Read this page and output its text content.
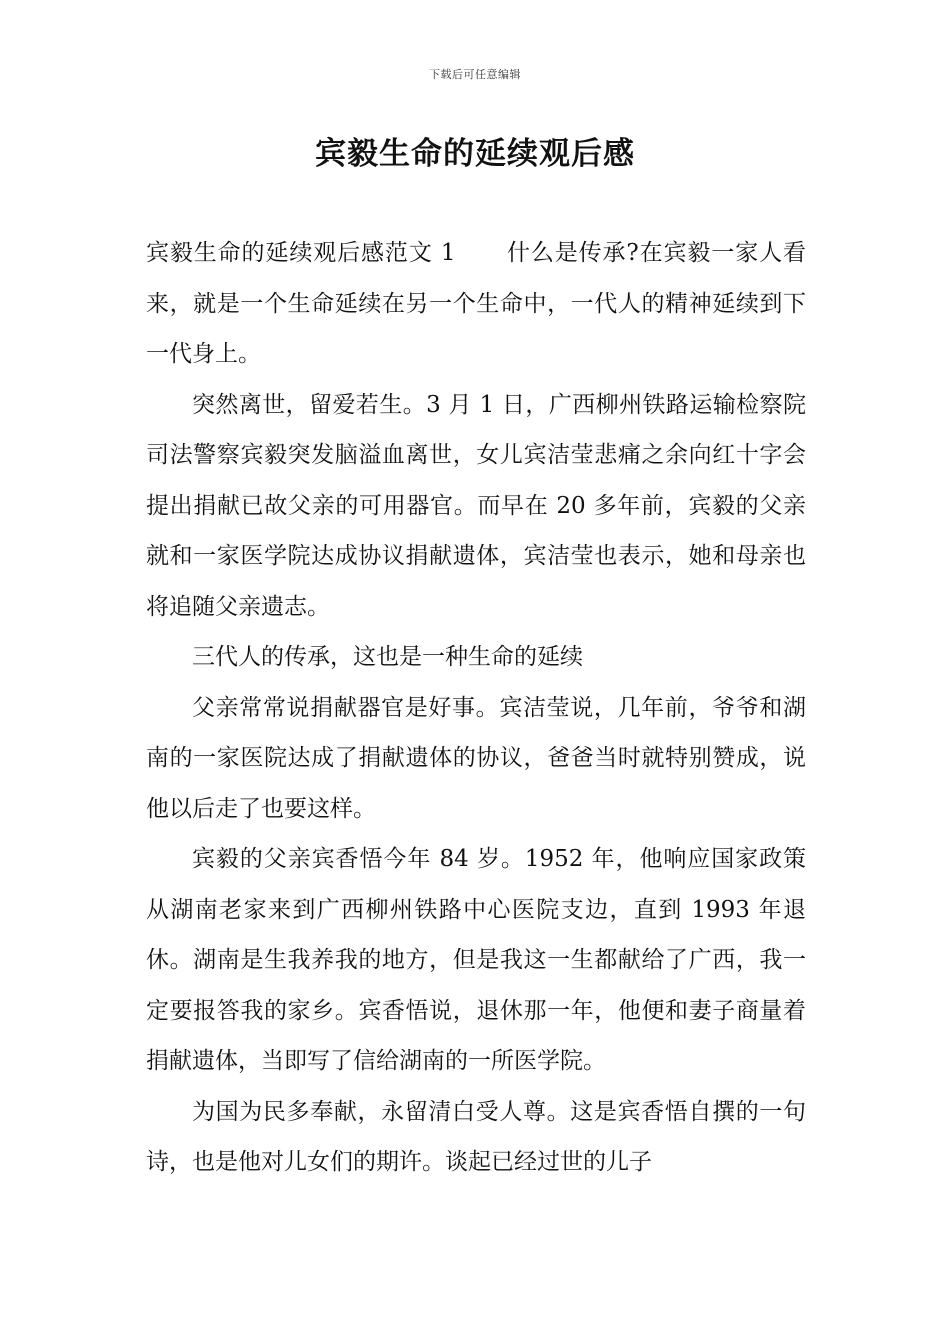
下载后可任意编辑
宾毅生命的延续观后感

宾毅生命的延续观后感范文 1 什么是传承?在宾毅一家人看来，就是一个生命延续在另一个生命中，一代人的精神延续到下一代身上。

突然离世，留爱若生。3 月 1 日，广西柳州铁路运输检察院司法警察宾毅突发脑溢血离世，女儿宾洁莹悲痛之余向红十字会提出捐献已故父亲的可用器官。而早在 20 多年前，宾毅的父亲就和一家医学院达成协议捐献遗体，宾洁莹也表示，她和母亲也将追随父亲遗志。

三代人的传承，这也是一种生命的延续

父亲常常说捐献器官是好事。宾洁莹说，几年前，爷爷和湖南的一家医院达成了捐献遗体的协议，爸爸当时就特别赞成，说他以后走了也要这样。

宾毅的父亲宾香悟今年 84 岁。1952 年，他响应国家政策从湖南老家来到广西柳州铁路中心医院支边，直到 1993 年退休。湖南是生我养我的地方，但是我这一生都献给了广西，我一定要报答我的家乡。宾香悟说，退休那一年，他便和妻子商量着捐献遗体，当即写了信给湖南的一所医学院。

为国为民多奉献，永留清白受人尊。这是宾香悟自撰的一句诗，也是他对儿女们的期许。谈起已经过世的儿子
